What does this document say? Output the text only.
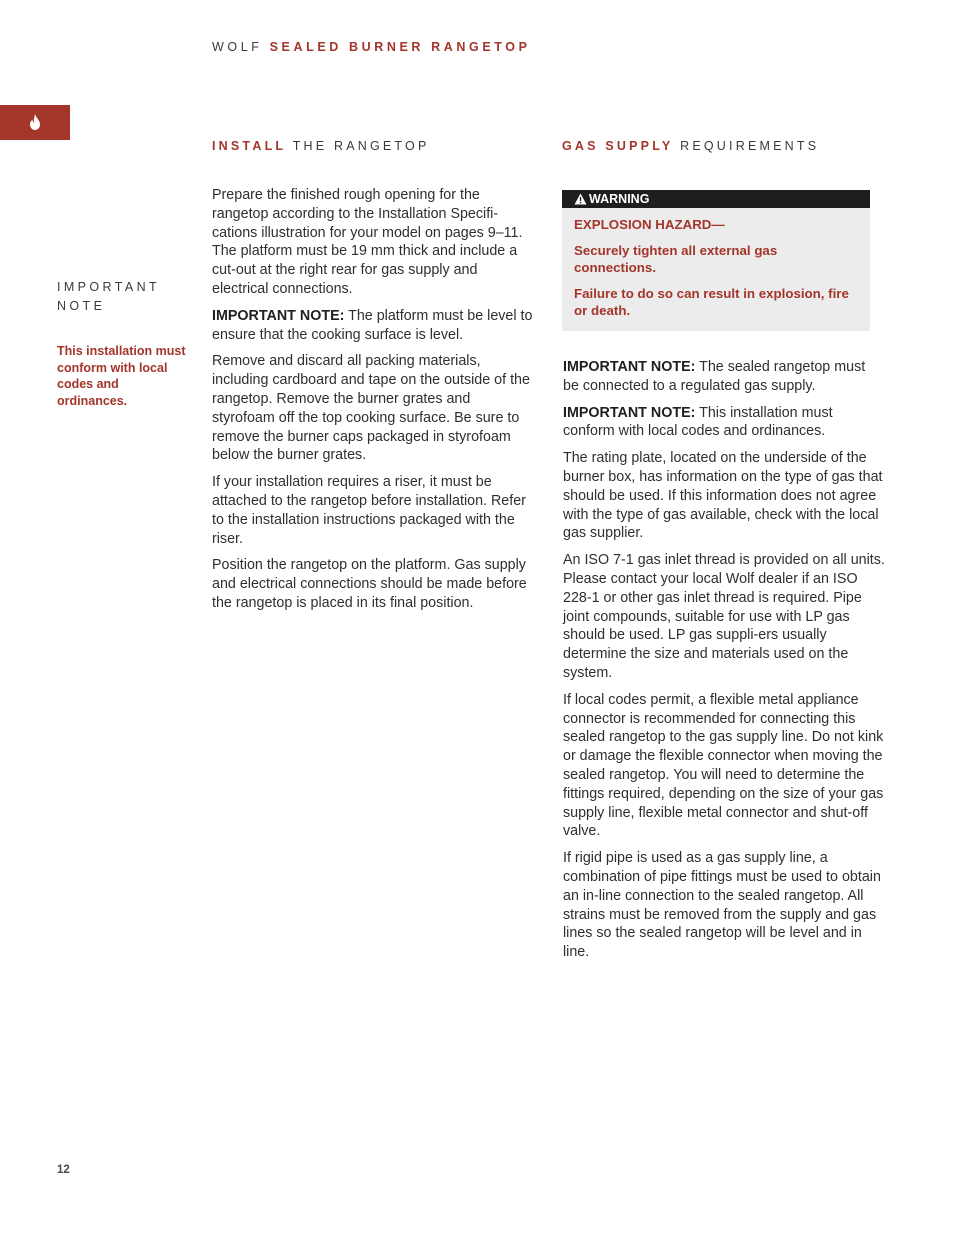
WOLF SEALED BURNER RANGETOP
INSTALL THE RANGETOP	GAS SUPPLY REQUIREMENTS
IMPORTANT
NOTE
This installation must conform with local codes and ordinances.

Prepare the finished rough opening for the rangetop according to the Installation Specifi-cations illustration for your model on pages 9–11. The platform must be 19 mm thick and include a cut-out at the right rear for gas supply and electrical connections.

IMPORTANT NOTE: The platform must be level to ensure that the cooking surface is level.

Remove and discard all packing materials, including cardboard and tape on the outside of the rangetop. Remove the burner grates and styrofoam off the top cooking surface. Be sure to remove the burner caps packaged in styrofoam below the burner grates.

If your installation requires a riser, it must be attached to the rangetop before installation. Refer to the installation instructions packaged with the riser.

Position the rangetop on the platform. Gas supply and electrical connections should be made before the rangetop is placed in its final position.

WARNING
EXPLOSION HAZARD—
Securely tighten all external gas connections.
Failure to do so can result in explosion, fire or death.

IMPORTANT NOTE: The sealed rangetop must be connected to a regulated gas supply.

IMPORTANT NOTE: This installation must conform with local codes and ordinances.

The rating plate, located on the underside of the burner box, has information on the type of gas that should be used. If this information does not agree with the type of gas available, check with the local gas supplier.

An ISO 7-1 gas inlet thread is provided on all units. Please contact your local Wolf dealer if an ISO 228-1 or other gas inlet thread is required. Pipe joint compounds, suitable for use with LP gas should be used. LP gas suppli-ers usually determine the size and materials used on the system.

If local codes permit, a flexible metal appliance connector is recommended for connecting this sealed rangetop to the gas supply line. Do not kink or damage the flexible connector when moving the sealed rangetop. You will need to determine the fittings required, depending on the size of your gas supply line, flexible metal connector and shut-off valve.

If rigid pipe is used as a gas supply line, a combination of pipe fittings must be used to obtain an in-line connection to the sealed rangetop. All strains must be removed from the supply and gas lines so the sealed rangetop will be level and in line.

12
